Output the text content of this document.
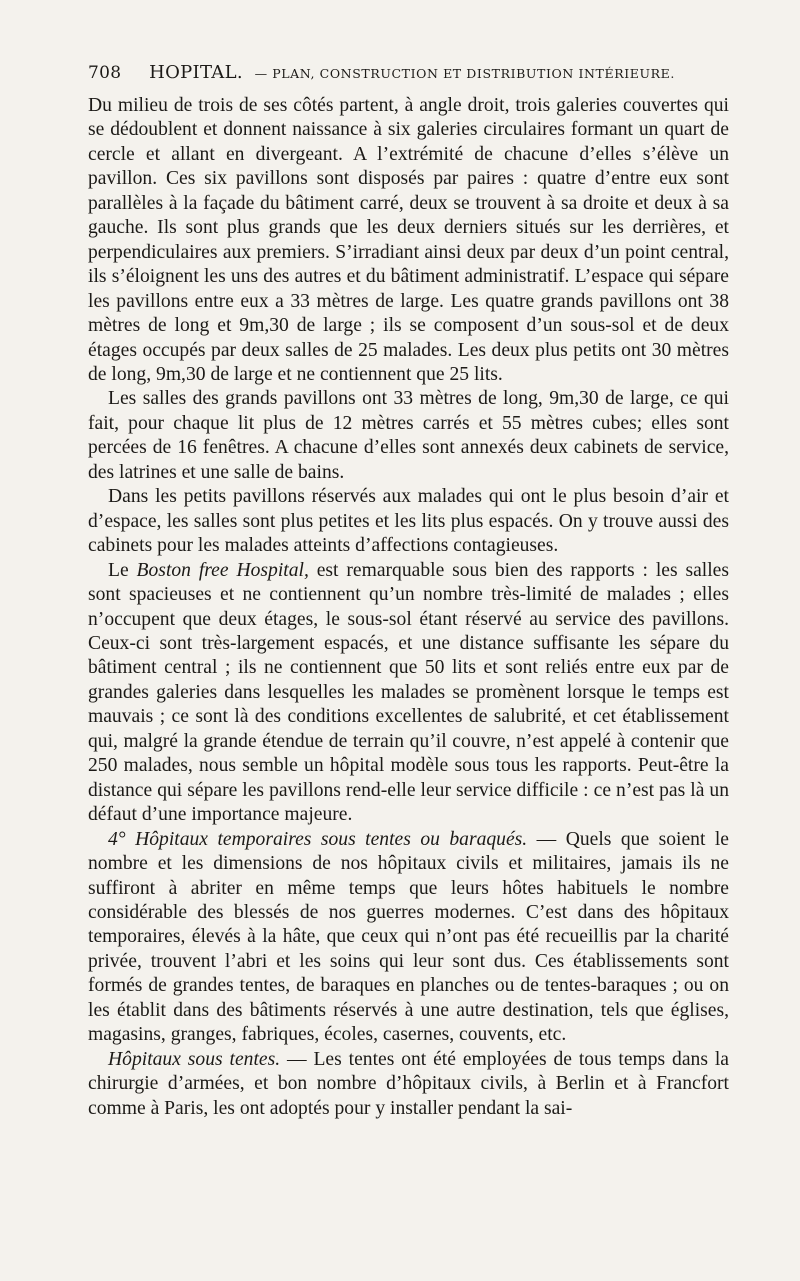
708 HOPITAL. — PLAN, CONSTRUCTION ET DISTRIBUTION INTÉRIEURE.

Du milieu de trois de ses côtés partent, à angle droit, trois galeries couvertes qui se dédoublent et donnent naissance à six galeries circulaires formant un quart de cercle et allant en divergeant. A l’extrémité de chacune d’elles s’élève un pavillon. Ces six pavillons sont disposés par paires : quatre d’entre eux sont parallèles à la façade du bâtiment carré, deux se trouvent à sa droite et deux à sa gauche. Ils sont plus grands que les deux derniers situés sur les derrières, et perpendiculaires aux premiers. S’irradiant ainsi deux par deux d’un point central, ils s’éloignent les uns des autres et du bâtiment administratif. L’espace qui sépare les pavillons entre eux a 33 mètres de large. Les quatre grands pavillons ont 38 mètres de long et 9m,30 de large ; ils se composent d’un sous-sol et de deux étages occupés par deux salles de 25 malades. Les deux plus petits ont 30 mètres de long, 9m,30 de large et ne contiennent que 25 lits.

Les salles des grands pavillons ont 33 mètres de long, 9m,30 de large, ce qui fait, pour chaque lit plus de 12 mètres carrés et 55 mètres cubes; elles sont percées de 16 fenêtres. A chacune d’elles sont annexés deux cabinets de service, des latrines et une salle de bains.

Dans les petits pavillons réservés aux malades qui ont le plus besoin d’air et d’espace, les salles sont plus petites et les lits plus espacés. On y trouve aussi des cabinets pour les malades atteints d’affections contagieuses.

Le Boston free Hospital, est remarquable sous bien des rapports : les salles sont spacieuses et ne contiennent qu’un nombre très-limité de malades ; elles n’occupent que deux étages, le sous-sol étant réservé au service des pavillons. Ceux-ci sont très-largement espacés, et une distance suffisante les sépare du bâtiment central ; ils ne contiennent que 50 lits et sont reliés entre eux par de grandes galeries dans lesquelles les malades se promènent lorsque le temps est mauvais ; ce sont là des conditions excellentes de salubrité, et cet établissement qui, malgré la grande étendue de terrain qu’il couvre, n’est appelé à contenir que 250 malades, nous semble un hôpital modèle sous tous les rapports. Peut-être la distance qui sépare les pavillons rend-elle leur service difficile : ce n’est pas là un défaut d’une importance majeure.

4° Hôpitaux temporaires sous tentes ou baraqués. — Quels que soient le nombre et les dimensions de nos hôpitaux civils et militaires, jamais ils ne suffiront à abriter en même temps que leurs hôtes habituels le nombre considérable des blessés de nos guerres modernes. C’est dans des hôpitaux temporaires, élevés à la hâte, que ceux qui n’ont pas été recueillis par la charité privée, trouvent l’abri et les soins qui leur sont dus. Ces établissements sont formés de grandes tentes, de baraques en planches ou de tentes-baraques ; ou on les établit dans des bâtiments réservés à une autre destination, tels que églises, magasins, granges, fabriques, écoles, casernes, couvents, etc.

Hôpitaux sous tentes. — Les tentes ont été employées de tous temps dans la chirurgie d’armées, et bon nombre d’hôpitaux civils, à Berlin et à Francfort comme à Paris, les ont adoptés pour y installer pendant la sai-
